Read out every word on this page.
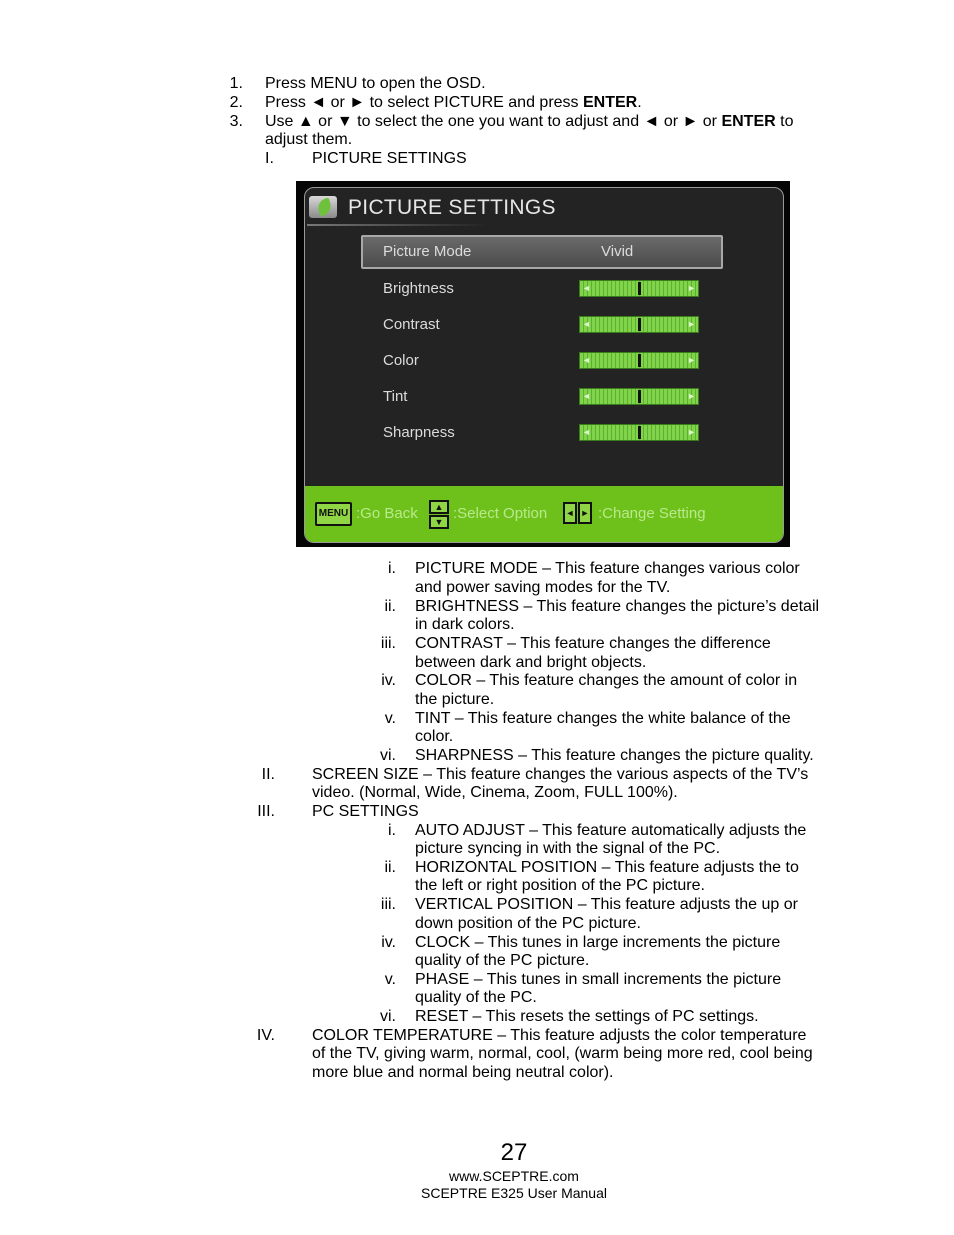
1. Press MENU to open the OSD.
2. Press ◄ or ► to select PICTURE and press ENTER.
3. Use ▲ or ▼ to select the one you want to adjust and ◄ or ► or ENTER to
adjust them.
I. PICTURE SETTINGS
PICTURE SETTINGS
Picture Mode	Vivid
Brightness	◄	►
Contrast	◄	►
Color	◄	►
Tint	◄	►
Sharpness	◄	►
MENU :Go Back	▲
▼ :Select Option ◄ ► :Change Setting
i. PICTURE MODE – This feature changes various color
and power saving modes for the TV.
ii. BRIGHTNESS – This feature changes the picture’s detail
in dark colors.
iii. CONTRAST – This feature changes the difference
between dark and bright objects.
iv. COLOR – This feature changes the amount of color in
the picture.
v. TINT – This feature changes the white balance of the
color.
vi. SHARPNESS – This feature changes the picture quality.
II. SCREEN SIZE – This feature changes the various aspects of the TV’s
video. (Normal, Wide, Cinema, Zoom, FULL 100%).
III. PC SETTINGS
i. AUTO ADJUST – This feature automatically adjusts the
picture syncing in with the signal of the PC.
ii. HORIZONTAL POSITION – This feature adjusts the to
the left or right position of the PC picture.
iii. VERTICAL POSITION – This feature adjusts the up or
down position of the PC picture.
iv. CLOCK – This tunes in large increments the picture
quality of the PC picture.
v. PHASE – This tunes in small increments the picture
quality of the PC.
vi. RESET – This resets the settings of PC settings.
IV. COLOR TEMPERATURE – This feature adjusts the color temperature
of the TV, giving warm, normal, cool, (warm being more red, cool being
more blue and normal being neutral color).
27
www.SCEPTRE.com
SCEPTRE E325 User Manual
